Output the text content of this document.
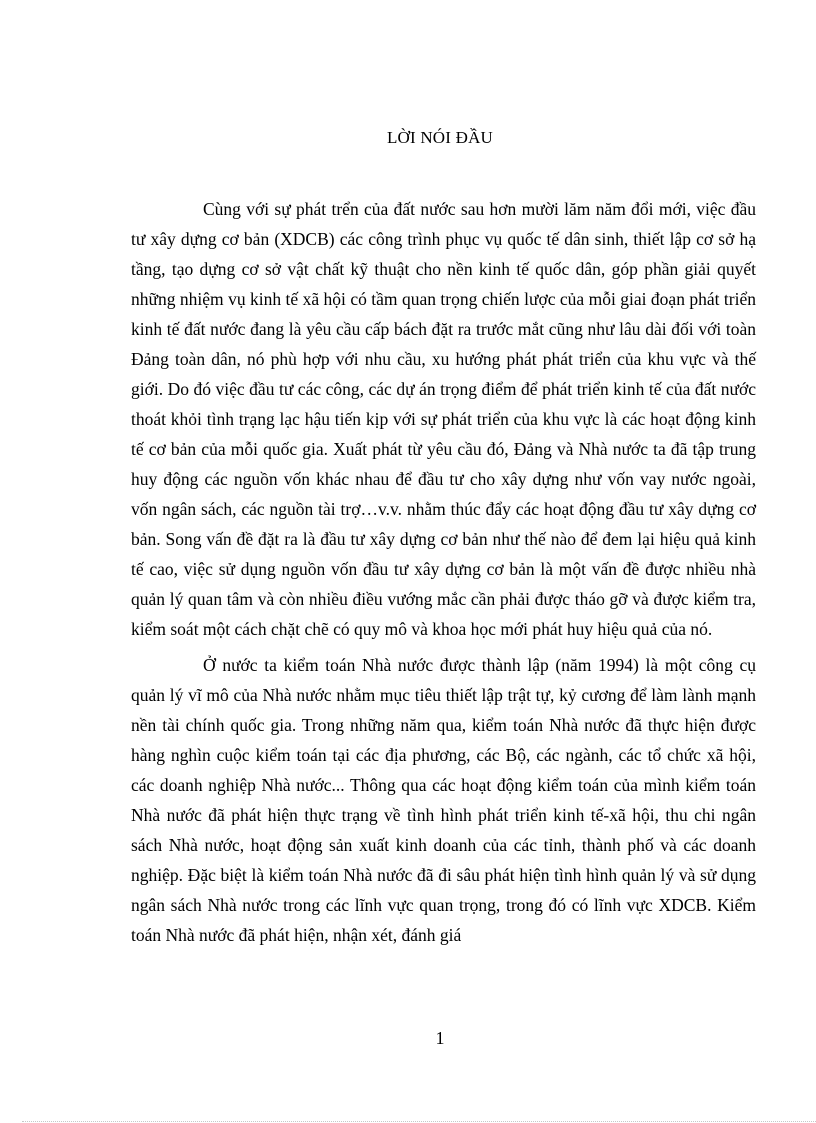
LỜI NÓI ĐẦU

Cùng với sự phát trển của đất nước sau hơn mười lăm năm đổi mới, việc đầu tư xây dựng cơ bản (XDCB) các công trình phục vụ quốc tế dân sinh, thiết lập cơ sở hạ tầng, tạo dựng cơ sở vật chất kỹ thuật cho nền kinh tế quốc dân, góp phần giải quyết những nhiệm vụ kinh tế xã hội có tầm quan trọng chiến lược của mỗi giai đoạn phát triển kinh tế đất nước đang là yêu cầu cấp bách đặt ra trước mắt cũng như lâu dài đối với toàn Đảng toàn dân, nó phù hợp với nhu cầu, xu hướng phát phát triển của khu vực và thế giới. Do đó việc đầu tư các công, các dự án trọng điểm để phát triển kinh tế của đất nước thoát khỏi tình trạng lạc hậu tiến kịp với sự phát triển của khu vực là các hoạt động kinh tế cơ bản của mỗi quốc gia. Xuất phát từ yêu cầu đó, Đảng và Nhà nước ta đã tập trung huy động các nguồn vốn khác nhau để đầu tư cho xây dựng như vốn vay nước ngoài, vốn ngân sách, các nguồn tài trợ…v.v. nhằm thúc đẩy các hoạt động đầu tư xây dựng cơ bản. Song vấn đề đặt ra là đầu tư xây dựng cơ bản như thế nào để đem lại hiệu quả kinh tế cao, việc sử dụng nguồn vốn đầu tư xây dựng cơ bản là một vấn đề được nhiều nhà quản lý quan tâm và còn nhiều điều vướng mắc cần phải được tháo gỡ và được kiểm tra, kiểm soát một cách chặt chẽ có quy mô và khoa học mới phát huy hiệu quả của nó.

Ở nước ta kiểm toán Nhà nước được thành lập (năm 1994) là một công cụ quản lý vĩ mô của Nhà nước nhằm mục tiêu thiết lập trật tự, kỷ cương để làm lành mạnh nền tài chính quốc gia. Trong những năm qua, kiểm toán Nhà nước đã thực hiện được hàng nghìn cuộc kiểm toán tại các địa phương, các Bộ, các ngành, các tổ chức xã hội, các doanh nghiệp Nhà nước... Thông qua các hoạt động kiểm toán của mình kiểm toán Nhà nước đã phát hiện thực trạng về tình hình phát triển kinh tế-xã hội, thu chi ngân sách Nhà nước, hoạt động sản xuất kinh doanh của các tỉnh, thành phố và các doanh nghiệp. Đặc biệt là kiểm toán Nhà nước đã đi sâu phát hiện tình hình quản lý và sử dụng ngân sách Nhà nước trong các lĩnh vực quan trọng, trong đó có lĩnh vực XDCB. Kiểm toán Nhà nước đã phát hiện, nhận xét, đánh giá

1
